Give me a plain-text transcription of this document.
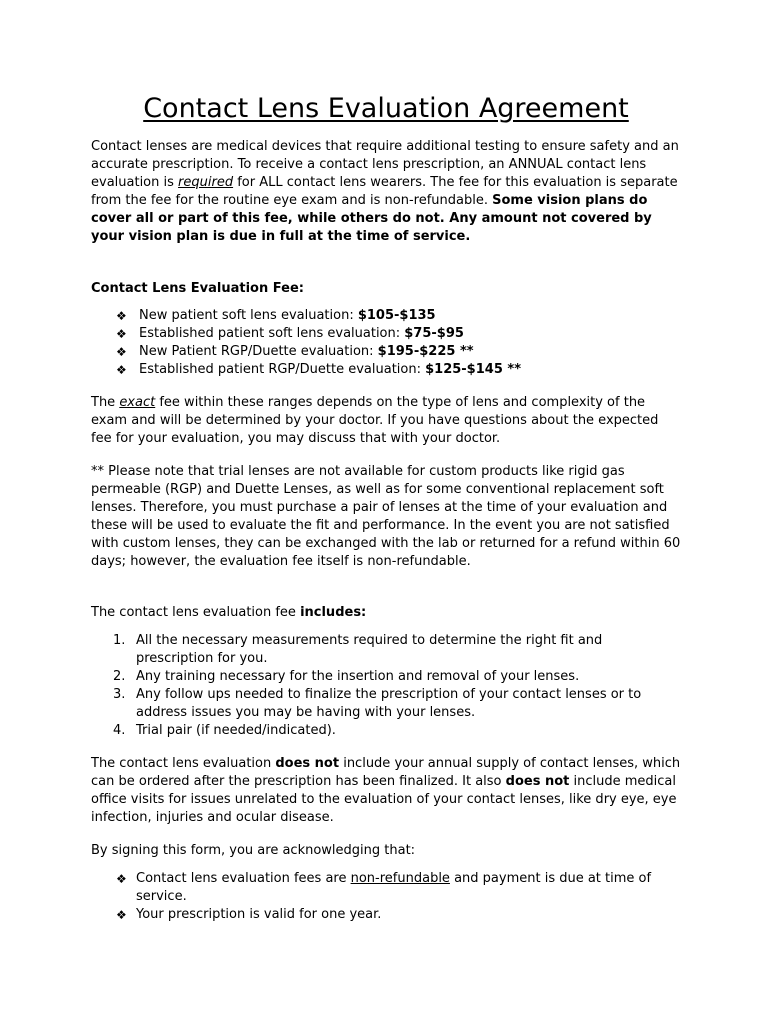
Contact Lens Evaluation Agreement

Contact lenses are medical devices that require additional testing to ensure safety and an accurate prescription. To receive a contact lens prescription, an ANNUAL contact lens evaluation is required for ALL contact lens wearers. The fee for this evaluation is separate from the fee for the routine eye exam and is non-refundable. Some vision plans do cover all or part of this fee, while others do not. Any amount not covered by your vision plan is due in full at the time of service.

Contact Lens Evaluation Fee:

❖ New patient soft lens evaluation: $105-$135
❖ Established patient soft lens evaluation: $75-$95
❖ New Patient RGP/Duette evaluation: $195-$225 **
❖ Established patient RGP/Duette evaluation: $125-$145 **

The exact fee within these ranges depends on the type of lens and complexity of the exam and will be determined by your doctor. If you have questions about the expected fee for your evaluation, you may discuss that with your doctor.

** Please note that trial lenses are not available for custom products like rigid gas permeable (RGP) and Duette Lenses, as well as for some conventional replacement soft lenses. Therefore, you must purchase a pair of lenses at the time of your evaluation and these will be used to evaluate the fit and performance. In the event you are not satisfied with custom lenses, they can be exchanged with the lab or returned for a refund within 60 days; however, the evaluation fee itself is non-refundable.

The contact lens evaluation fee includes:

1. All the necessary measurements required to determine the right fit and prescription for you.
2. Any training necessary for the insertion and removal of your lenses.
3. Any follow ups needed to finalize the prescription of your contact lenses or to address issues you may be having with your lenses.
4. Trial pair (if needed/indicated).

The contact lens evaluation does not include your annual supply of contact lenses, which can be ordered after the prescription has been finalized. It also does not include medical office visits for issues unrelated to the evaluation of your contact lenses, like dry eye, eye infection, injuries and ocular disease.

By signing this form, you are acknowledging that:

❖ Contact lens evaluation fees are non-refundable and payment is due at time of service.
❖ Your prescription is valid for one year.
